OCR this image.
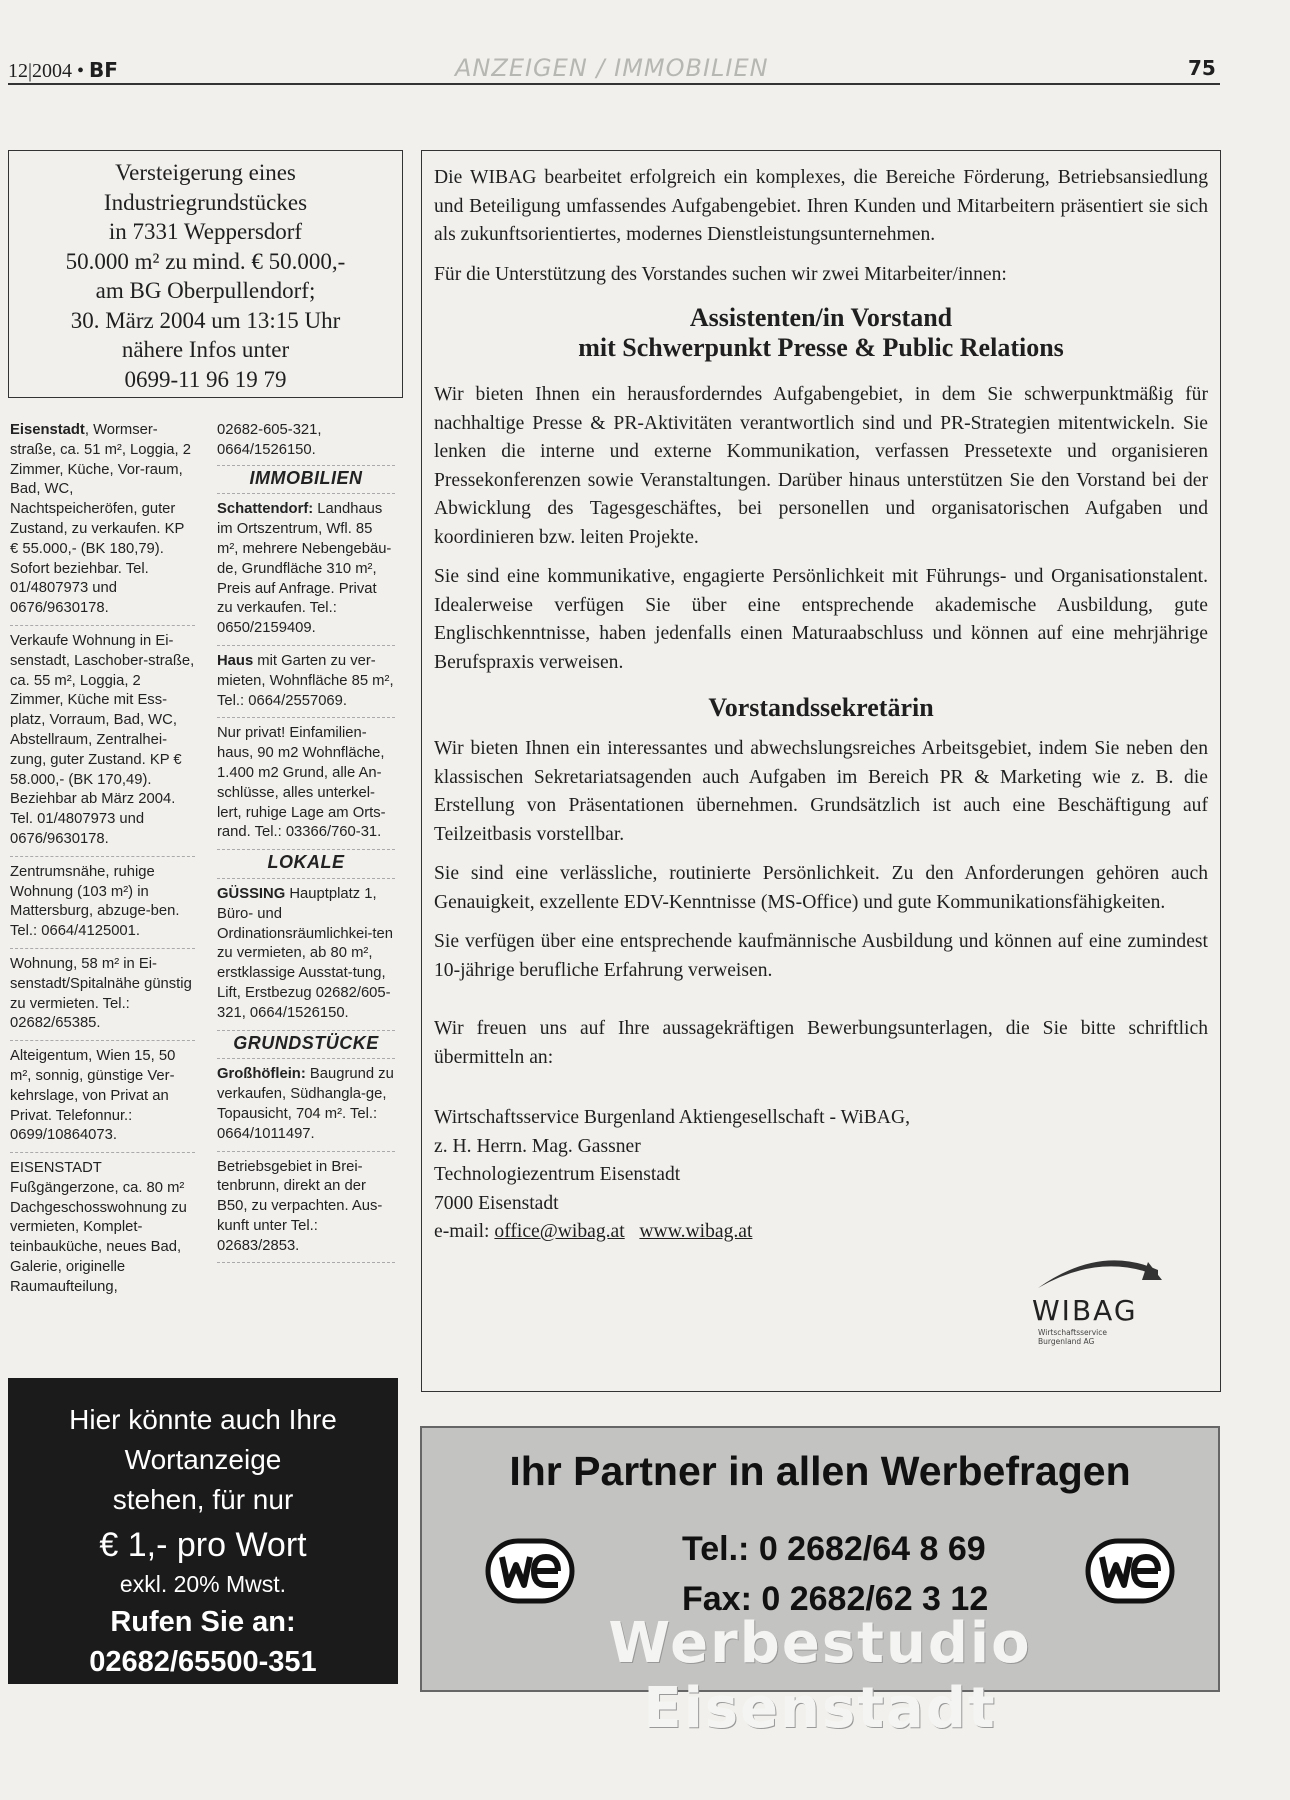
12|2004 • BF	ANZEIGEN / IMMOBILIEN	75
Versteigerung eines
Industriegrundstückes
in 7331 Weppersdorf
50.000 m² zu mind. € 50.000,-
am BG Oberpullendorf;
30. März 2004 um 13:15 Uhr
nähere Infos unter
0699-11 96 19 79
Eisenstadt, Wormser-straße, ca. 51 m², Loggia, 2 Zimmer, Küche, Vor-raum, Bad, WC, Nachtspeicheröfen, guter Zustand, zu verkaufen. KP € 55.000,- (BK 180,79). Sofort beziehbar. Tel. 01/4807973 und 0676/9630178.
Verkaufe Wohnung in Ei-senstadt, Laschober-straße, ca. 55 m², Loggia, 2 Zimmer, Küche mit Ess-platz, Vorraum, Bad, WC, Abstellraum, Zentralhei-zung, guter Zustand. KP € 58.000,- (BK 170,49). Beziehbar ab März 2004. Tel. 01/4807973 und 0676/9630178.
Zentrumsnähe, ruhige Wohnung (103 m²) in Mattersburg, abzuge-ben. Tel.: 0664/4125001.
Wohnung, 58 m² in Ei-senstadt/Spitalnähe günstig zu vermieten. Tel.: 02682/65385.
Altеigentum, Wien 15, 50 m², sonnig, günstige Ver-kehrslage, von Privat an Privat. Telefonnur.: 0699/10864073.
EISENSTADT Fußgängerzone, ca. 80 m² Dachgeschosswohnung zu vermieten, Komplet-teinbauküche, neues Bad, Galerie, originelle Raumaufteilung,
02682-605-321, 0664/1526150.
IMMOBILIEN
Schattendorf: Landhaus im Ortszentrum, Wfl. 85 m², mehrere Nebengebäu-de, Grundfläche 310 m², Preis auf Anfrage. Privat zu verkaufen. Tel.: 0650/2159409.
Haus mit Garten zu ver-mieten, Wohnfläche 85 m², Tel.: 0664/2557069.
Nur privat! Einfamilien-haus, 90 m2 Wohnfläche, 1.400 m2 Grund, alle An-schlüsse, alles unterkel-lert, ruhige Lage am Orts-rand. Tel.: 03366/760-31.
LOKALE
GÜSSING Hauptplatz 1, Büro- und Ordinationsräumlichkei-ten zu vermieten, ab 80 m², erstklassige Ausstat-tung, Lift, Erstbezug 02682/605-321, 0664/1526150.
GRUNDSTÜCKE
Großhöflein: Baugrund zu verkaufen, Südhangla-ge, Topausicht, 704 m². Tel.: 0664/1011497.
Betriebsgebiet in Brei-tenbrunn, direkt an der B50, zu verpachten. Aus-kunft unter Tel.: 02683/2853.
Hier könnte auch Ihre
Wortanzeige
stehen, für nur
€ 1,- pro Wort
exkl. 20% Mwst.
Rufen Sie an:
02682/65500-351

Die WIBAG bearbeitet erfolgreich ein komplexes, die Bereiche Förderung, Betriebsansiedlung und Beteiligung umfassendes Aufgabengebiet. Ihren Kunden und Mitarbeitern präsentiert sie sich als zukunftsorientiertes, modernes Dienstleistungsunternehmen.

Für die Unterstützung des Vorstandes suchen wir zwei Mitarbeiter/innen:

Assistenten/in Vorstand
mit Schwerpunkt Presse & Public Relations

Wir bieten Ihnen ein herausforderndes Aufgabengebiet, in dem Sie schwerpunktmäßig für nachhaltige Presse & PR-Aktivitäten verantwortlich sind und PR-Strategien mitentwickeln. Sie lenken die interne und externe Kommunikation, verfassen Pressetexte und organisieren Pressekonferenzen sowie Veranstaltungen. Darüber hinaus unterstützen Sie den Vorstand bei der Abwicklung des Tagesgeschäftes, bei personellen und organisatorischen Aufgaben und koordinieren bzw. leiten Projekte.

Sie sind eine kommunikative, engagierte Persönlichkeit mit Führungs- und Organisationstalent. Idealerweise verfügen Sie über eine entsprechende akademische Ausbildung, gute Englischkenntnisse, haben jedenfalls einen Maturaabschluss und können auf eine mehrjährige Berufspraxis verweisen.

Vorstandssekretärin

Wir bieten Ihnen ein interessantes und abwechslungsreiches Arbeitsgebiet, indem Sie neben den klassischen Sekretariatsagenden auch Aufgaben im Bereich PR & Marketing wie z. B. die Erstellung von Präsentationen übernehmen. Grundsätzlich ist auch eine Beschäftigung auf Teilzeitbasis vorstellbar.

Sie sind eine verlässliche, routinierte Persönlichkeit. Zu den Anforderungen gehören auch Genauigkeit, exzellente EDV-Kenntnisse (MS-Office) und gute Kommunikationsfähigkeiten.

Sie verfügen über eine entsprechende kaufmännische Ausbildung und können auf eine zumindest 10-jährige berufliche Erfahrung verweisen.

Wir freuen uns auf Ihre aussagekräftigen Bewerbungsunterlagen, die Sie bitte schriftlich übermitteln an:

Wirtschaftsservice Burgenland Aktiengesellschaft - WiBAG,
z. H. Herrn. Mag. Gassner
Technologiezentrum Eisenstadt
7000 Eisenstadt
e-mail: office@wibag.at www.wibag.at
WIBAG
Wirtschaftsservice
Burgenland AG
Ihr Partner in allen Werbefragen
Tel.: 0 2682/64 8 69
Fax: 0 2682/62 3 12
Werbestudio Eisenstadt
